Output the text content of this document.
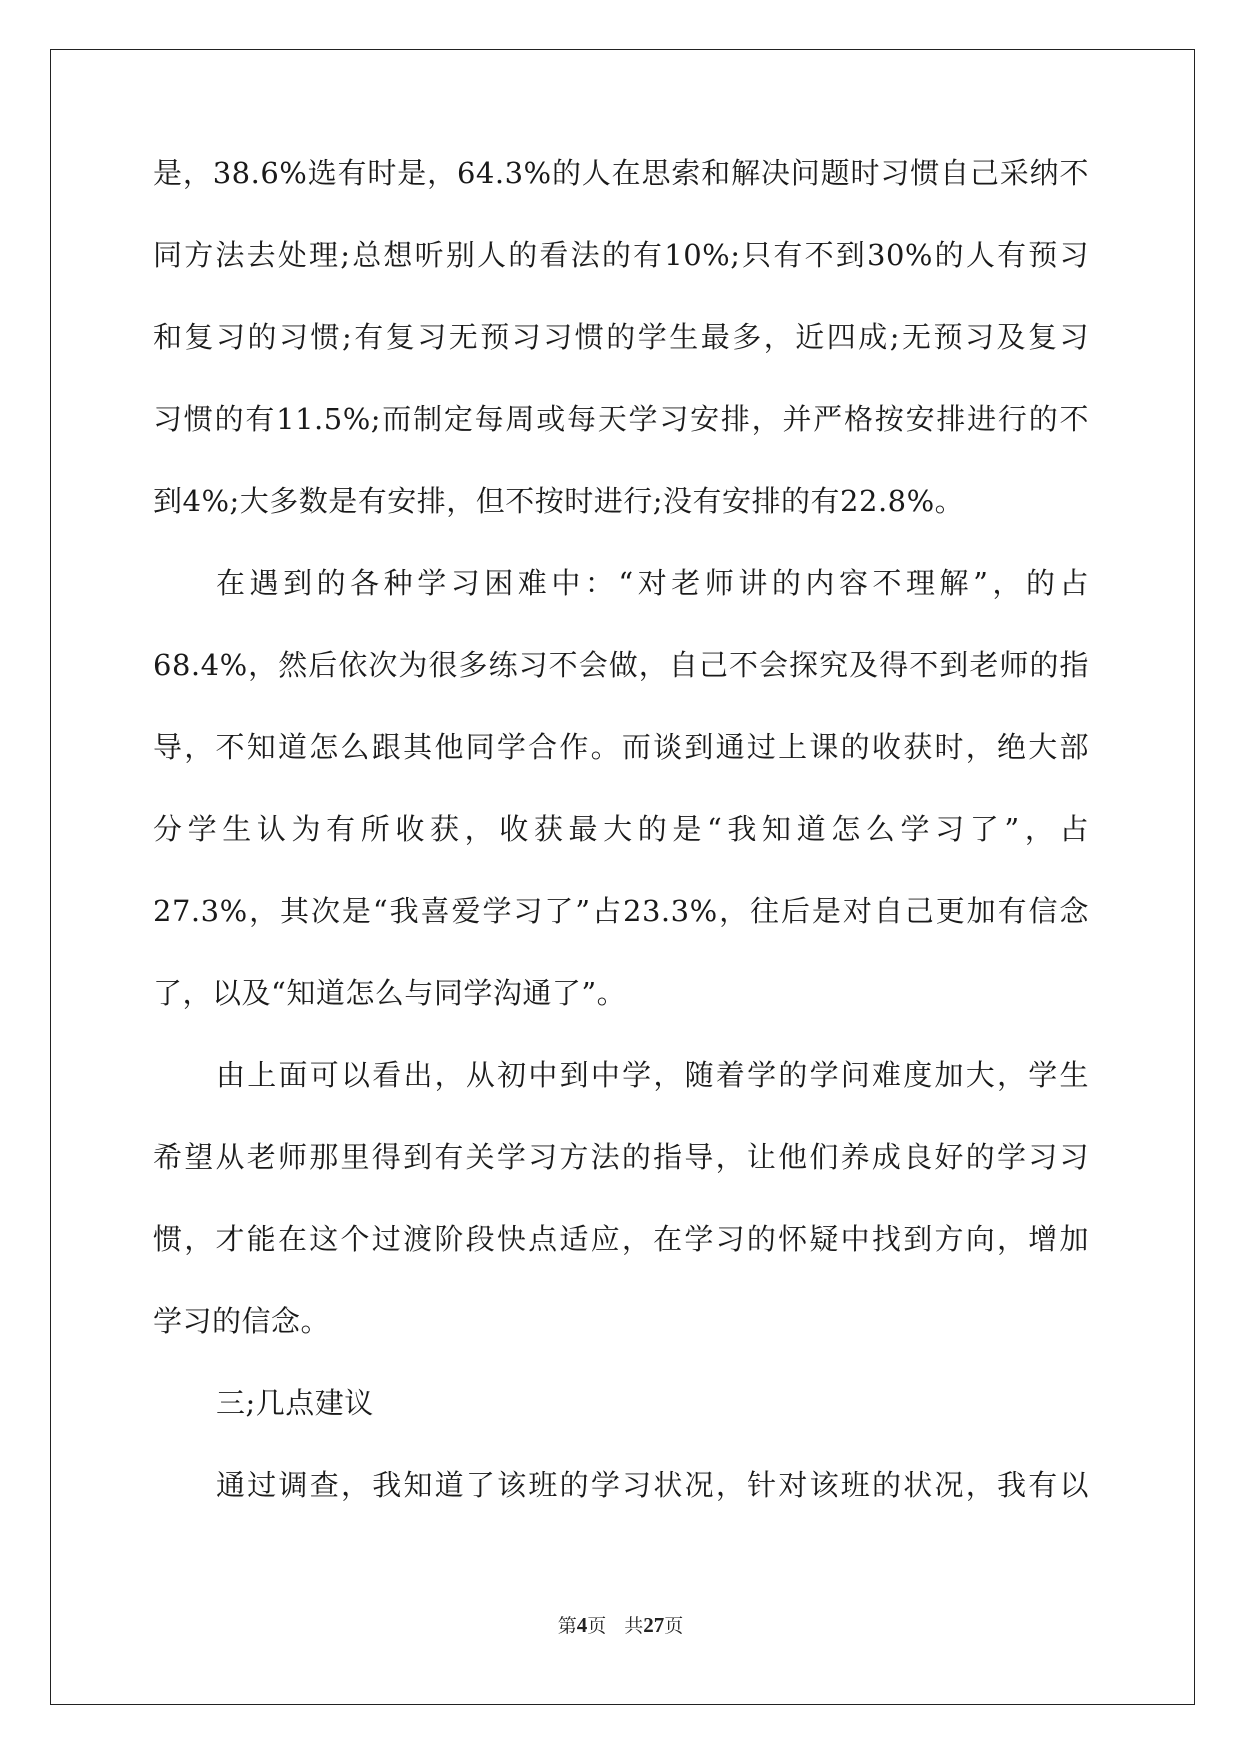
是，38.6%选有时是，64.3%的人在思索和解决问题时习惯自己采纳不
同方法去处理;总想听别人的看法的有10%;只有不到30%的人有预习
和复习的习惯;有复习无预习习惯的学生最多，近四成;无预习及复习
习惯的有11.5%;而制定每周或每天学习安排，并严格按安排进行的不
到4%;大多数是有安排，但不按时进行;没有安排的有22.8%。
在遇到的各种学习困难中：“对老师讲的内容不理解”，的占
68.4%，然后依次为很多练习不会做，自己不会探究及得不到老师的指
导，不知道怎么跟其他同学合作。而谈到通过上课的收获时，绝大部
分学生认为有所收获，收获最大的是“我知道怎么学习了”，占
27.3%，其次是“我喜爱学习了”占23.3%，往后是对自己更加有信念
了，以及“知道怎么与同学沟通了”。
由上面可以看出，从初中到中学，随着学的学问难度加大，学生
希望从老师那里得到有关学习方法的指导，让他们养成良好的学习习
惯，才能在这个过渡阶段快点适应，在学习的怀疑中找到方向，增加
学习的信念。
三;几点建议
通过调查，我知道了该班的学习状况，针对该班的状况，我有以
第4页 共27页
